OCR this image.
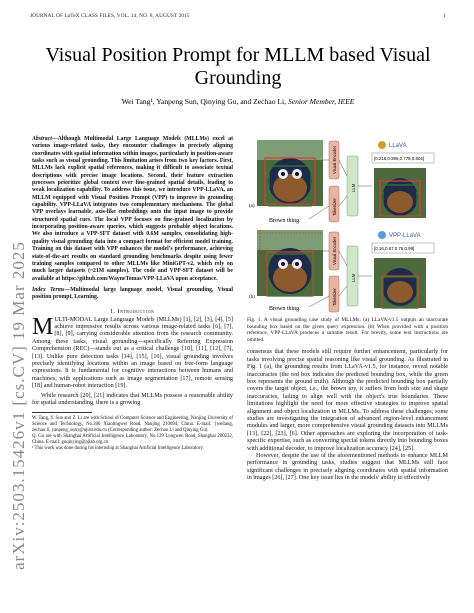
JOURNAL OF LaTeX CLASS FILES, VOL. 14, NO. 8, AUGUST 2015	1
arXiv:2503.15426v1 [cs.CV] 19 Mar 2025
Visual Position Prompt for MLLM based Visual Grounding
Wei Tang¹, Yanpeng Sun, Qinying Gu, and Zechao Li, Senior Member, IEEE

Abstract—Although Multimodal Large Language Models (MLLMs) excel at various image-related tasks, they encounter challenges in precisely aligning coordinates with spatial information within images, particularly in position-aware tasks such as visual grounding. This limitation arises from two key factors. First, MLLMs lack explicit spatial references, making it difficult to associate textual descriptions with precise image locations. Second, their feature extraction processes prioritize global context over fine-grained spatial details, leading to weak localization capability. To address this issue, we introduce VPP-LLaVA, an MLLM equipped with Visual Position Prompt (VPP) to improve its grounding capability. VPP-LLaVA integrates two complementary mechanisms. The global VPP overlays learnable, axis-like embeddings onto the input image to provide structured spatial cues. The local VPP focuses on fine-grained localization by incorporating position-aware queries, which suggests probable object locations. We also introduce a VPP-SFT dataset with 0.6M samples, consolidating high-quality visual grounding data into a compact format for efficient model training. Training on this dataset with VPP enhances the model's performance, achieving state-of-the-art results on standard grounding benchmarks despite using fewer training samples compared to other MLLMs like MiniGPT-v2, which rely on much larger datasets (~21M samples). The code and VPP-SFT dataset will be available at https://github.com/WayneTomas/VPP-LLaVA upon acceptance.

Index Terms—Multimodal large language model, Visual grounding, Visual position prompt, Learning.

I. Introduction

MULTI-MODAL Large Language Models (MLLMs) [1], [2], [3], [4], [5] achieve impressive results across various image-related tasks [6], [7], [8], [9], carrying considerable attention from the research community. Among these tasks, visual grounding—specifically Referring Expression Comprehension (REC)—stands out as a critical challenge [10], [11], [12], [7], [13]. Unlike pure detection tasks [14], [15], [16], visual grounding involves precisely identifying locations within an image based on free-form language expressions. It is fundamental for cognitive interactions between humans and machines, with applications such as image segmentation [17], remote sensing [18] and human-robot interaction [19].

While research [20], [21] indicates that MLLMs possess a reasonable ability for spatial understanding, there is a growing

W. Tang, Y. Sun and Z. Li are with School of Computer Science and Engineering, Nanjing University of Science and Technology, No.200 Xiaolingwei Road, Nanjing 210094, China. E-mail: {weitang, zechao.li, yanpeng_sun}@njust.edu.cn (Corresponding author: Zechao Li and Qinying Gu)

Q. Gu are with Shanghai Artificial Intelligence Laboratory, No.129 Longwen Road, Shanghai 200232, China. E-mail: guqinying@pjlab.org.cn

¹ This work was done during his internship at Shanghai Artificial Intelligence Laboratory.

(a)
Brown thing.
Visual Encoder
Tokenizer
LLM
LLaVA
[0.218,0.396,0.778,0.804]
(b)
Brown thing.
Visual Encoder
Tokenizer
LLM
VPP-LLaVA
[0.16,0.67,0.76,0.98]

Fig. 1. A visual grounding case study of MLLMs: (a) LLaVA-v1.5 outputs an inaccurate bounding box based on the given query expression. (b) When provided with a position reference, VPP-LLaVA produces a suitable result. For brevity, some text instructions are omitted.

consensus that these models still require further enhancement, particularly for tasks involving precise spatial reasoning like visual grounding. As illustrated in Fig. 1 (a), the grounding results from LLaVA-v1.5, for instance, reveal notable inaccuracies (the red box indicates the predicted bounding box, while the green box represents the ground truth). Although the predicted bounding box partially covers the target object, i.e., the brown toy, it suffers from both size and shape inaccuracies, failing to align well with the object's true boundaries. These limitations highlight the need for more effective strategies to improve spatial alignment and object localization in MLLMs. To address these challenges, some studies are investigating the integration of advanced region-level enhancement modules and larger, more comprehensive visual grounding datasets into MLLMs [13], [22], [23], [6]. Other approaches are exploring the incorporation of task-specific expertise, such as converting special tokens directly into bounding boxes with additional decoder, to improve localization accuracy [24], [25].

However, despite the use of the aforementioned methods to enhance MLLM performance in grounding tasks, studies suggest that MLLMs still face significant challenges in precisely aligning coordinates with spatial information in images [26], [27]. One key issue lies in the models' ability to effectively
